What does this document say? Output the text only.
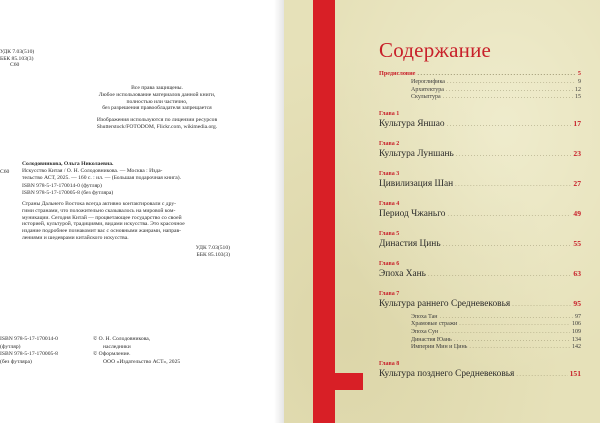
УДК 7.03(510)
ББК 85.103(3)
С60
Все права защищены.
Любое использование материалов данной книги,
полностью или частично,
без разрешения правообладателя запрещается
Изображения используются по лицензии ресурсов
Shutterstock/FOTODOM, Flickr.com, wikimedia.org.
С60
Солодовникова, Ольга Николаевна.
Искусство Китая / О. Н. Солодовникова. — Москва : Изда-
тельство АСТ, 2025. — 160 с. : ил. — (Большая подарочная книга).
ISBN 978-5-17-170014-0 (футляр)
ISBN 978-5-17-170005-8 (без футляра)
Страны Дальнего Востока всегда активно контактировали с дру-
гими странами, что положительно сказывалось на мировой ком-
муникации. Сегодня Китай — процветающее государство со своей
историей, культурой, традициями, видами искусства. Это красочное
издание подробнее познакомит вас с основными жанрами, направ-
лениями и шедеврами китайского искусства.
УДК 7.03(510)
ББК 85.103(3)
ISBN 978-5-17-170014-0
(футляр)
ISBN 978-5-17-170005-8
(без футляра)
© О. Н. Солодовникова,
наследники
© Оформление.
ООО «Издательство АСТ», 2025
Содержание
Предисловие .....	5
Иероглифика .....	9
Архитектура .....	12
Скульптура .....	15
Глава 1
Культура Яншао .....	17
Глава 2
Культура Луншань .....	23
Глава 3
Цивилизация Шан .....	27
Глава 4
Период Чжаньго .....	49
Глава 5
Династия Цинь .....	55
Глава 6
Эпоха Хань .....	63
Глава 7
Культура раннего Средневековья .....	95
Эпоха Тан .....	97
Храмовые стражи .....	106
Эпоха Сун .....	109
Династия Юань .....	134
Империи Мин и Цинь .....	142
Глава 8
Культура позднего Средневековья .....	151
